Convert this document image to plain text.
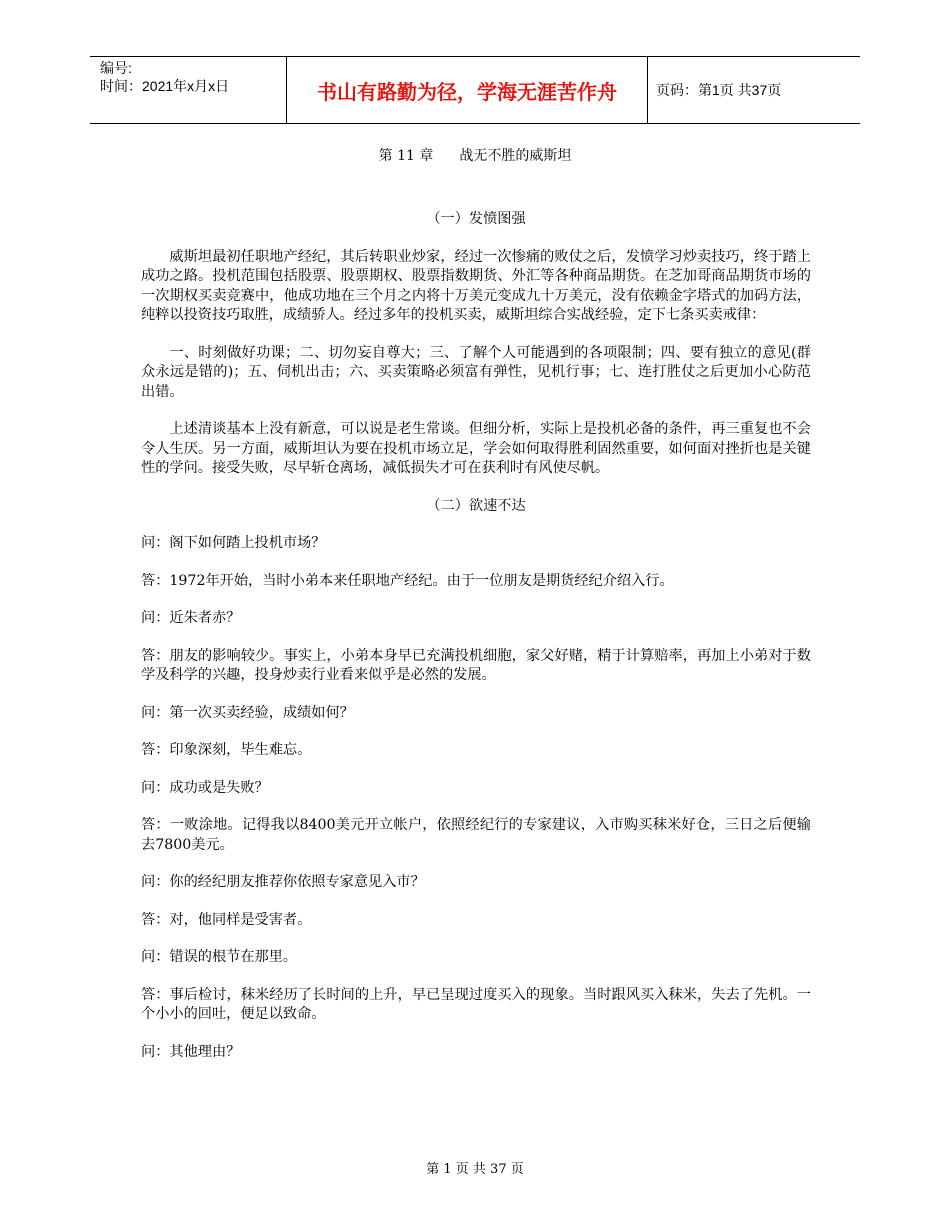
编号:
时间：2021年x月x日	书山有路勤为径，学海无涯苦作舟	页码：第1页 共37页
第 11 章 战无不胜的威斯坦

（一）发愤图强

威斯坦最初任职地产经纪，其后转职业炒家，经过一次惨痛的败仗之后，发愤学习炒卖技巧，终于踏上成功之路。投机范围包括股票、股票期权、股票指数期货、外汇等各种商品期货。在芝加哥商品期货市场的一次期权买卖竞赛中，他成功地在三个月之内将十万美元变成九十万美元，没有依赖金字塔式的加码方法，纯粹以投资技巧取胜，成绩骄人。经过多年的投机买卖，威斯坦综合实战经验，定下七条买卖戒律：

一、时刻做好功课；二、切勿妄自尊大；三、了解个人可能遇到的各项限制；四、要有独立的意见(群众永远是错的)；五、伺机出击；六、买卖策略必须富有弹性，见机行事；七、连打胜仗之后更加小心防范出错。

上述清谈基本上没有新意，可以说是老生常谈。但细分析，实际上是投机必备的条件，再三重复也不会令人生厌。另一方面，威斯坦认为要在投机市场立足，学会如何取得胜利固然重要，如何面对挫折也是关键性的学问。接受失败，尽早斩仓离场，减低损失才可在获利时有风使尽帆。

（二）欲速不达

问：阁下如何踏上投机市场？

答：1972年开始，当时小弟本来任职地产经纪。由于一位朋友是期货经纪介绍入行。

问：近朱者赤？

答：朋友的影响较少。事实上，小弟本身早已充满投机细胞，家父好赌，精于计算赔率，再加上小弟对于数学及科学的兴趣，投身炒卖行业看来似乎是必然的发展。

问：第一次买卖经验，成绩如何？

答：印象深刻，毕生难忘。

问：成功或是失败？

答：一败涂地。记得我以8400美元开立帐户，依照经纪行的专家建议，入市购买秣米好仓，三日之后便输去7800美元。

问：你的经纪朋友推荐你依照专家意见入市？

答：对，他同样是受害者。

问：错误的根节在那里。

答：事后检讨，秣米经历了长时间的上升，早已呈现过度买入的现象。当时跟风买入秣米，失去了先机。一个小小的回吐，便足以致命。

问：其他理由？

第 1 页 共 37 页
